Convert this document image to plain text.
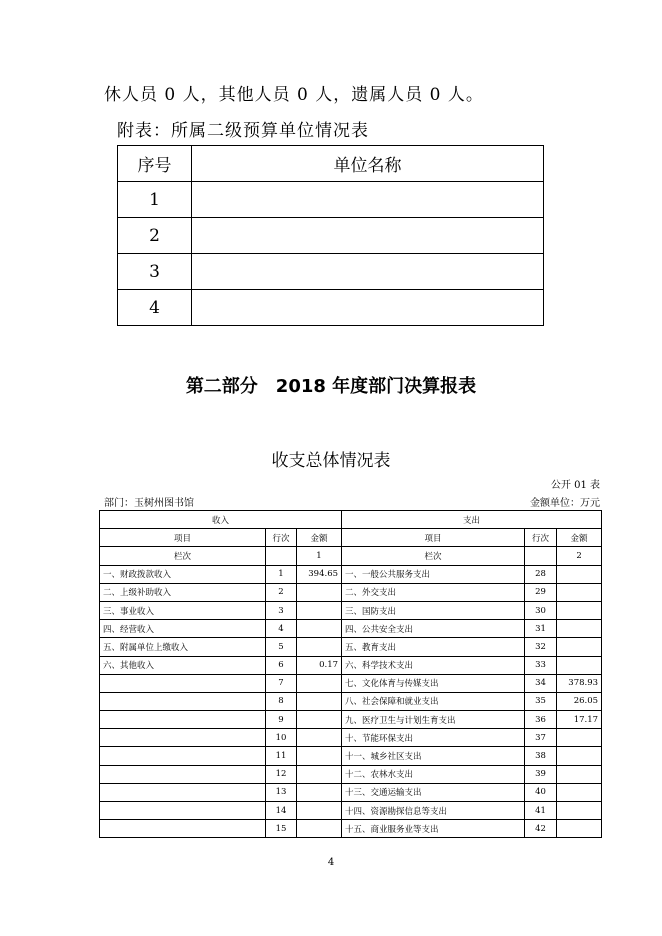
休人员 0 人，其他人员 0 人，遗属人员 0 人。
附表：所属二级预算单位情况表
序号	单位名称
1	
2	
3	
4	
第二部分　2018 年度部门决算报表
收支总体情况表
公开 01 表
部门：玉树州图书馆	金额单位：万元
收入			支出		
项目	行次	金额	项目	行次	金额
栏次		1	栏次		2
一、财政拨款收入	1	394.65	一、一般公共服务支出	28	
二、上级补助收入	2		二、外交支出	29	
三、事业收入	3		三、国防支出	30	
四、经营收入	4		四、公共安全支出	31	
五、附属单位上缴收入	5		五、教育支出	32	
六、其他收入	6	0.17	六、科学技术支出	33	
	7		七、文化体育与传媒支出	34	378.93
	8		八、社会保障和就业支出	35	26.05
	9		九、医疗卫生与计划生育支出	36	17.17
	10		十、节能环保支出	37	
	11		十一、城乡社区支出	38	
	12		十二、农林水支出	39	
	13		十三、交通运输支出	40	
	14		十四、资源勘探信息等支出	41	
	15		十五、商业服务业等支出	42	
4
